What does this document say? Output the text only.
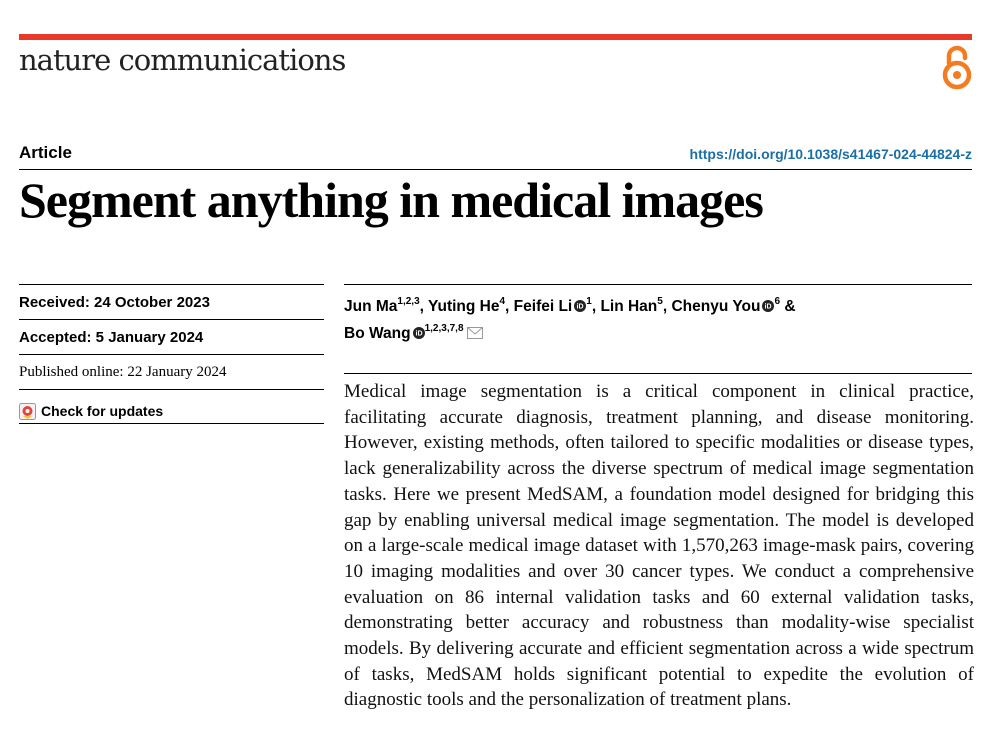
nature communications
Article	https://doi.org/10.1038/s41467-024-44824-z
Segment anything in medical images
Received: 24 October 2023
Accepted: 5 January 2024
Published online: 22 January 2024
Check for updates
Jun Ma$^{1,2,3}$, Yuting He$^4$, Feifei Li iD
$^1$, Lin Han$^5$, Chenyu You iD
$^6$ &
Bo Wang iD
$^{1,2,3,7,8}$

Medical image segmentation is a critical component in clinical practice, facilitating accurate diagnosis, treatment planning, and disease monitoring. However, existing methods, often tailored to specific modalities or disease types, lack generalizability across the diverse spectrum of medical image segmentation tasks. Here we present MedSAM, a foundation model designed for bridging this gap by enabling universal medical image segmentation. The model is developed on a large-scale medical image dataset with 1,570,263 image-mask pairs, covering 10 imaging modalities and over 30 cancer types. We conduct a comprehensive evaluation on 86 internal validation tasks and 60 external validation tasks, demonstrating better accuracy and robustness than modality-wise specialist models. By delivering accurate and efficient segmentation across a wide spectrum of tasks, MedSAM holds significant potential to expedite the evolution of diagnostic tools and the personalization of treatment plans.
